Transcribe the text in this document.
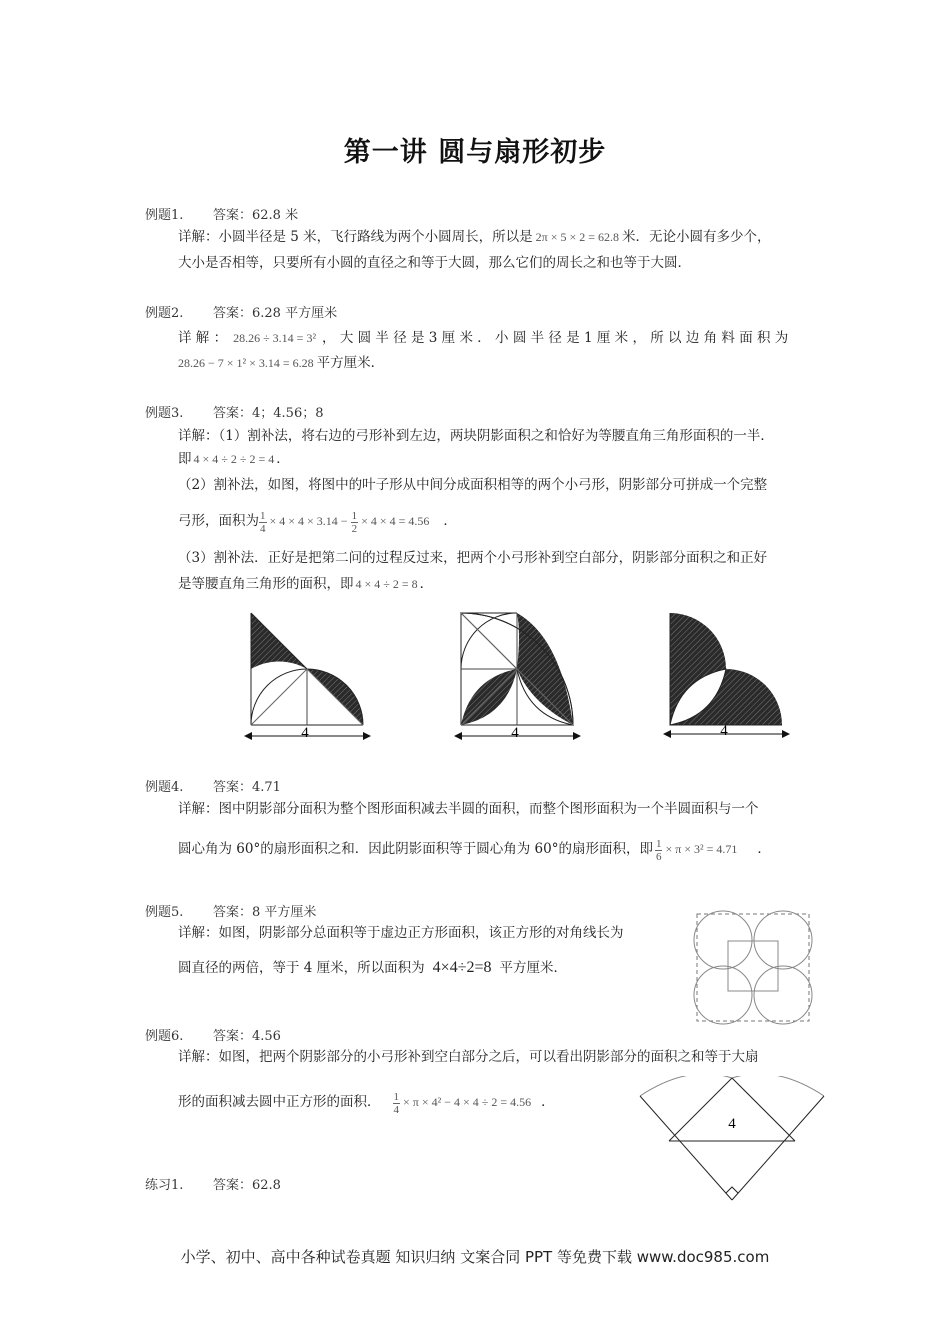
第一讲 圆与扇形初步
例题1. 答案：62.8 米
详解：小圆半径是 5 米，飞行路线为两个小圆周长，所以是 2π × 5 × 2 = 62.8 米．无论小圆有多少个，
大小是否相等，只要所有小圆的直径之和等于大圆，那么它们的周长之和也等于大圆．
例题2. 答案：6.28 平方厘米
详 解 ： 28.26 ÷ 3.14 = 3² ， 大 圆 半 径 是 3 厘 米 ． 小 圆 半 径 是 1 厘 米 ， 所 以 边 角 料 面 积 为
28.26 − 7 × 1² × 3.14 = 6.28 平方厘米．
例题3. 答案：4；4.56；8
详解：（1）割补法，将右边的弓形补到左边，两块阴影面积之和恰好为等腰直角三角形面积的一半．
即 4 × 4 ÷ 2 ÷ 2 = 4 ．
（2）割补法，如图，将图中的叶子形从中间分成面积相等的两个小弓形，阴影部分可拼成一个完整
弓形，面积为 $\frac{1}{4} \times 4 \times 4 \times 3.14 - \frac{1}{2} \times 4 \times 4 = 4.56$ ．
（3）割补法．正好是把第二问的过程反过来，把两个小弓形补到空白部分，阴影部分面积之和正好
是等腰直角三角形的面积，即 4 × 4 ÷ 2 = 8 ．
4	4	4
例题4. 答案：4.71
详解：图中阴影部分面积为整个图形面积减去半圆的面积，而整个图形面积为一个半圆面积与一个
圆心角为 60°的扇形面积之和．因此阴影面积等于圆心角为 60°的扇形面积，即 $\frac{1}{6} \times \pi \times 3^2 = 4.71$ ．
例题5. 答案：8 平方厘米
详解：如图，阴影部分总面积等于虚边正方形面积，该正方形的对角线长为
圆直径的两倍，等于 4 厘米，所以面积为 4×4÷2=8 平方厘米．
例题6. 答案：4.56
详解：如图，把两个阴影部分的小弓形补到空白部分之后，可以看出阴影部分的面积之和等于大扇
形的面积减去圆中正方形的面积． $\frac{1}{4} \times \pi \times 4^2 - 4 \times 4 \div 2 = 4.56$ ．
4
练习1. 答案：62.8
小学、初中、高中各种试卷真题 知识归纳 文案合同 PPT 等免费下载 www.doc985.com
